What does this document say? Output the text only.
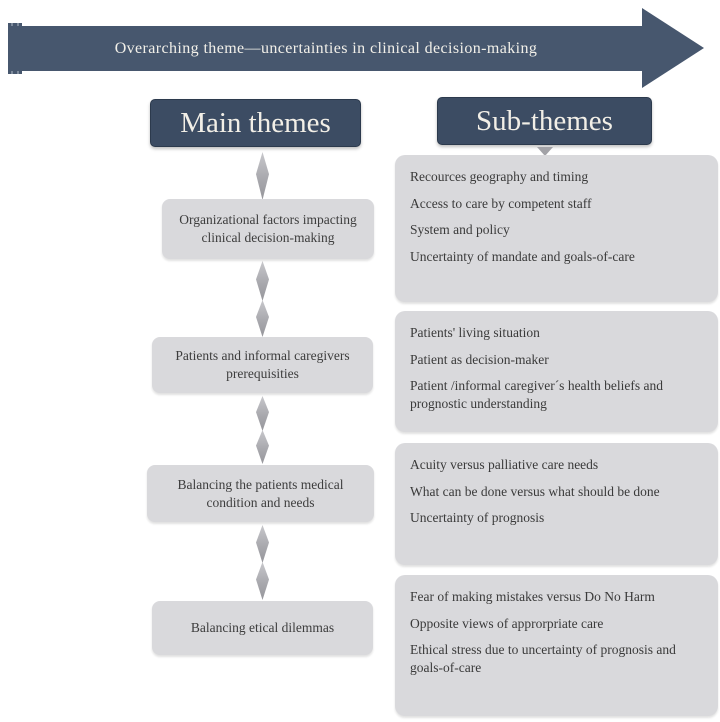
Overarching theme—uncertainties in clinical decision-making
Main themes	Sub-themes
Organizational factors impacting clinical decision-making
Patients and informal caregivers prerequisities
Balancing the patients medical condition and needs
Balancing etical dilemmas

Recources geography and timing

Access to care by competent staff

System and policy

Uncertainty of mandate and goals-of-care

Patients' living situation

Patient as decision-maker

Patient /informal caregiver´s health beliefs and prognostic understanding

Acuity versus palliative care needs

What can be done versus what should be done

Uncertainty of prognosis

Fear of making mistakes versus Do No Harm

Opposite views of approrpriate care

Ethical stress due to uncertainty of prognosis and goals-of-care
